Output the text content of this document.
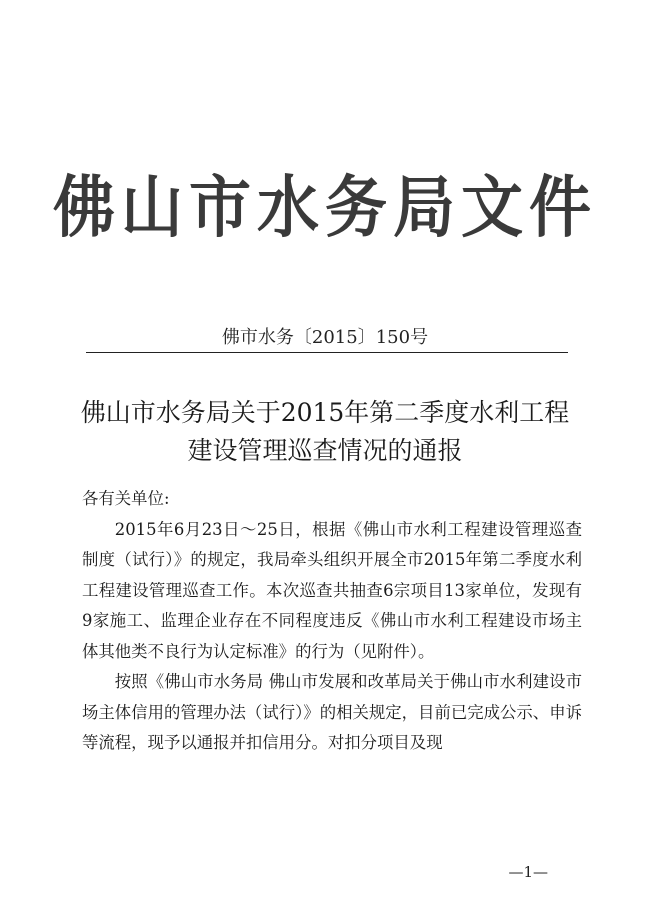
佛山市水务局文件
佛市水务〔2015〕150号
佛山市水务局关于2015年第二季度水利工程
建设管理巡查情况的通报

各有关单位:

2015年6月23日～25日，根据《佛山市水利工程建设管理巡查制度（试行）》的规定，我局牵头组织开展全市2015年第二季度水利工程建设管理巡查工作。本次巡查共抽查6宗项目13家单位，发现有9家施工、监理企业存在不同程度违反《佛山市水利工程建设市场主体其他类不良行为认定标准》的行为（见附件）。

按照《佛山市水务局 佛山市发展和改革局关于佛山市水利建设市场主体信用的管理办法（试行）》的相关规定，目前已完成公示、申诉等流程，现予以通报并扣信用分。对扣分项目及现

—1—
